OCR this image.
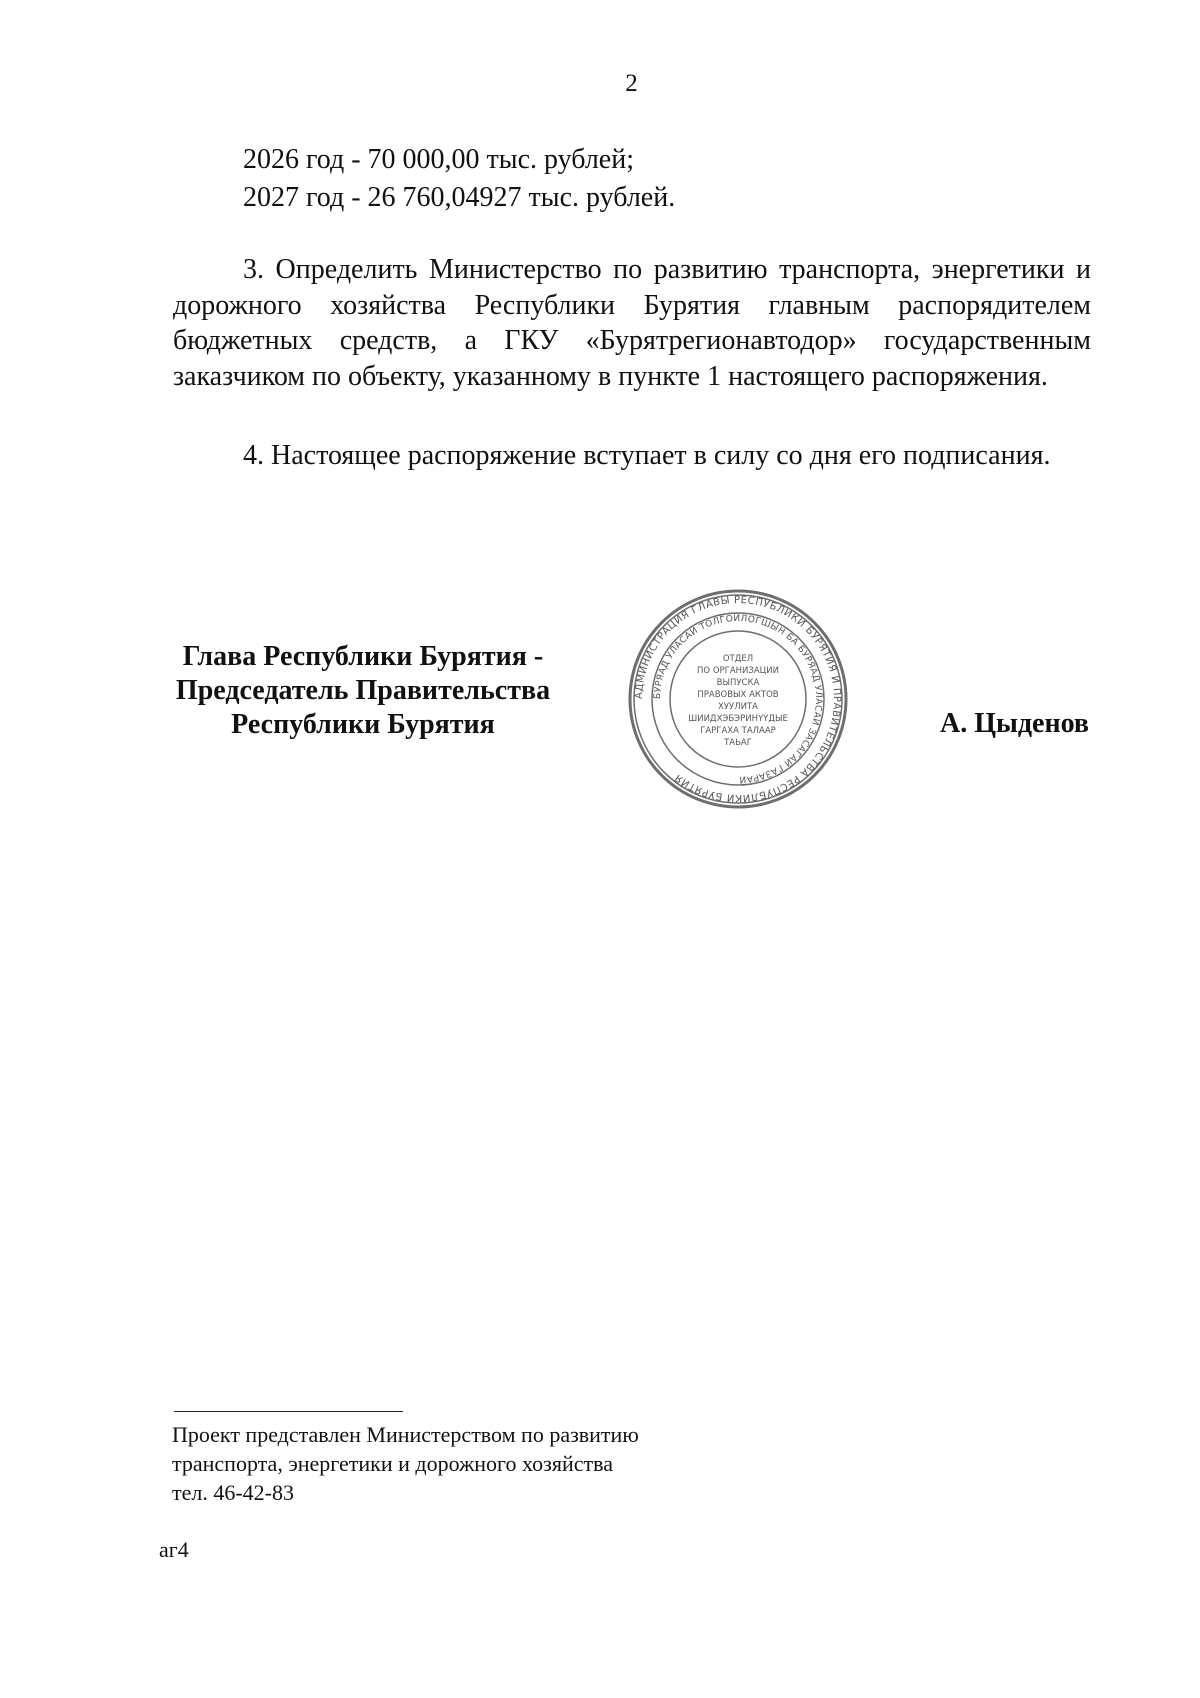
2
2026 год - 70 000,00 тыс. рублей;
2027 год - 26 760,04927 тыс. рублей.
3. Определить Министерство по развитию транспорта, энергетики и дорожного хозяйства Республики Бурятия главным распорядителем бюджетных средств, а ГКУ «Бурятрегионавтодор» государственным заказчиком по объекту, указанному в пункте 1 настоящего распоряжения.
4. Настоящее распоряжение вступает в силу со дня его подписания.
Глава Республики Бурятия -
Председатель Правительства
Республики Бурятия
АДМИНИСТРАЦИЯ ГЛАВЫ РЕСПУБЛИКИ БУРЯТИЯ И ПРАВИТЕЛЬСТВА РЕСПУБЛИКИ БУРЯТИЯ
БУРЯАД УЛАСАЙ ТОЛГОЙЛОГШЫН БА БУРЯАД УЛАСАЙ ЗАСАГАЙ ГАЗАРАЙ
ОТДЕЛ
ПО ОРГАНИЗАЦИИ
ВЫПУСКА
ПРАВОВЫХ АКТОВ
ХУУЛИТА
ШИИДХЭБЭРИНҮҮДЫЕ
ГАРГАХА ТАЛААР
ТАЬАГ
А. Цыденов
Проект представлен Министерством по развитию
транспорта, энергетики и дорожного хозяйства
тел. 46-42-83
аг4
